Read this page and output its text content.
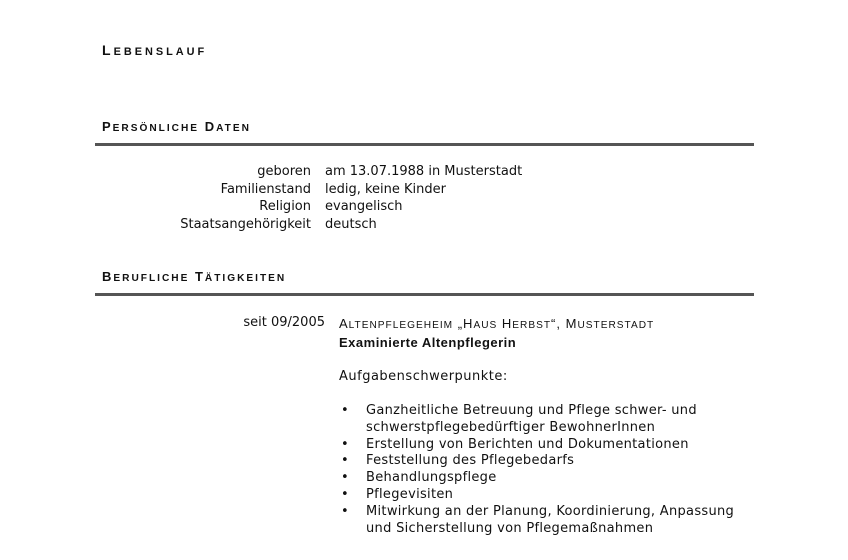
LEBENSLAUF
PERSÖNLICHE DATEN
geboren	am 13.07.1988 in Musterstadt
Familienstand	ledig, keine Kinder
Religion	evangelisch
Staatsangehörigkeit	deutsch
BERUFLICHE TÄTIGKEITEN
seit 09/2005 ALTENPFLEGEHEIM „HAUS HERBST“, MUSTERSTADT
Examinierte Altenpflegerin
Aufgabenschwerpunkte:
• Ganzheitliche Betreuung und Pflege schwer- und schwerstpflegebedürftiger BewohnerInnen
• Erstellung von Berichten und Dokumentationen
• Feststellung des Pflegebedarfs
• Behandlungspflege
• Pflegevisiten
• Mitwirkung an der Planung, Koordinierung, Anpassung und Sicherstellung von Pflegemaßnahmen
